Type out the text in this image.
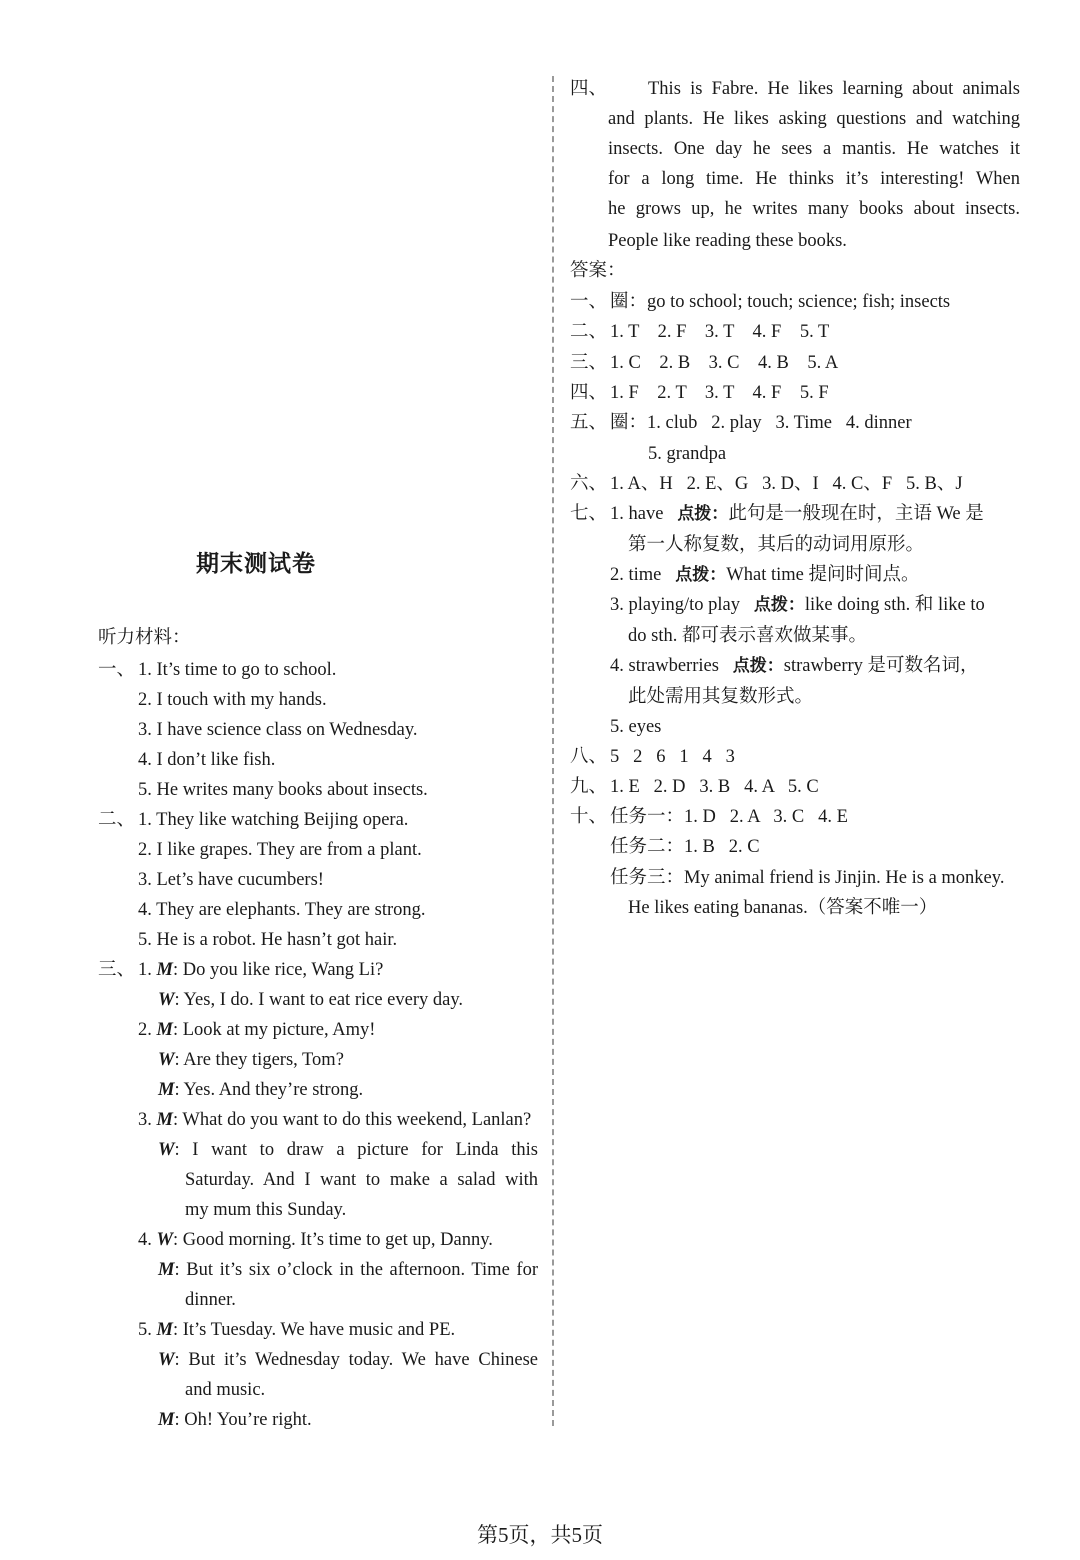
期末测试卷
听力材料：
一、 1. It’s time to go to school.
2. I touch with my hands.
3. I have science class on Wednesday.
4. I don’t like fish.
5. He writes many books about insects.
二、 1. They like watching Beijing opera.
2. I like grapes. They are from a plant.
3. Let’s have cucumbers!
4. They are elephants. They are strong.
5. He is a robot. He hasn’t got hair.
三、 1. M: Do you like rice, Wang Li?
W: Yes, I do. I want to eat rice every day.
2. M: Look at my picture, Amy!
W: Are they tigers, Tom?
M: Yes. And they’re strong.
3. M: What do you want to do this weekend, Lanlan?
W: I want to draw a picture for Linda this
Saturday. And I want to make a salad with
my mum this Sunday.
4. W: Good morning. It’s time to get up, Danny.
M: But it’s six o’clock in the afternoon. Time for
dinner.
5. M: It’s Tuesday. We have music and PE.
W: But it’s Wednesday today. We have Chinese
and music.
M: Oh! You’re right.
四、 This is Fabre. He likes learning about animals
and plants. He likes asking questions and watching
insects. One day he sees a mantis. He watches it
for a long time. He thinks it’s interesting! When
he grows up, he writes many books about insects.
People like reading these books.
答案：
一、 圈：go to school; touch; science; fish; insects
二、 1. T    2. F    3. T    4. F    5. T
三、 1. C    2. B    3. C    4. B    5. A
四、 1. F    2. T    3. T    4. F    5. F
五、 圈：1. club   2. play   3. Time   4. dinner
5. grandpa
六、 1. A、H   2. E、G   3. D、I   4. C、F   5. B、J
七、 1. have 点拨：此句是一般现在时，主语 We 是
第一人称复数，其后的动词用原形。
2. time 点拨：What time 提问时间点。
3. playing/to play 点拨：like doing sth. 和 like to
do sth. 都可表示喜欢做某事。
4. strawberries 点拨：strawberry 是可数名词，
此处需用其复数形式。
5. eyes
八、 5   2   6   1   4   3
九、 1. E   2. D   3. B   4. A   5. C
十、 任务一：1. D   2. A   3. C   4. E
任务二：1. B   2. C
任务三：My animal friend is Jinjin. He is a monkey.
He likes eating bananas.（答案不唯一）
第5页，共5页
